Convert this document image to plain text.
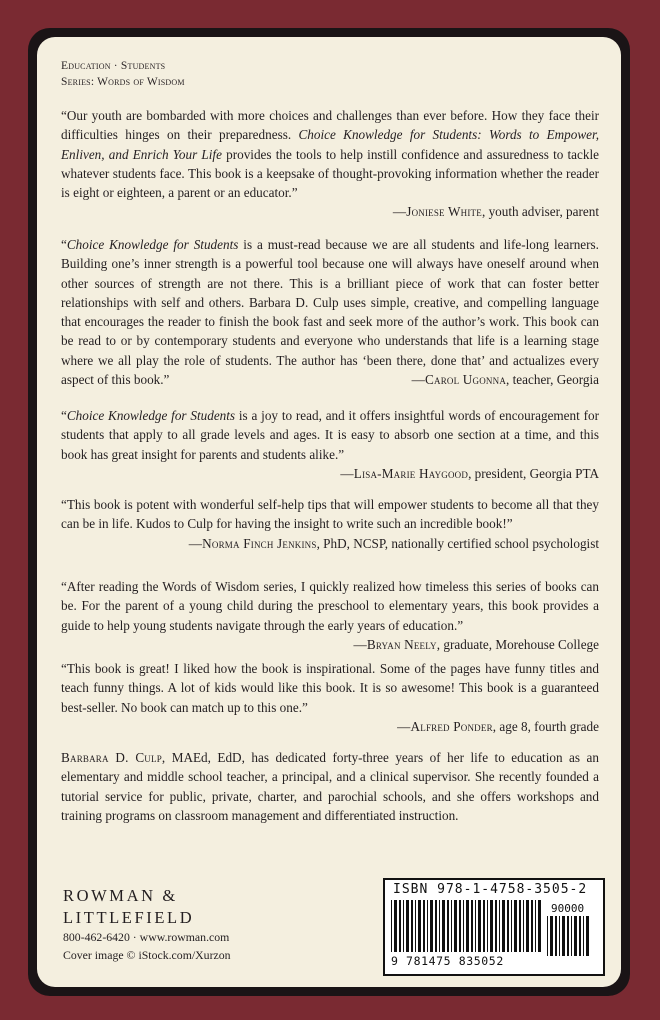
Education · Students
Series: Words of Wisdom
“Our youth are bombarded with more choices and challenges than ever before. How they face their difficulties hinges on their preparedness. Choice Knowledge for Students: Words to Empower, Enliven, and Enrich Your Life provides the tools to help instill confidence and assuredness to tackle whatever students face. This book is a keepsake of thought-provoking information whether the reader is eight or eighteen, a parent or an educator.”
—Joniese White, youth adviser, parent
“Choice Knowledge for Students is a must-read because we are all students and life-long learners. Building one’s inner strength is a powerful tool because one will always have oneself around when other sources of strength are not there. This is a brilliant piece of work that can foster better relationships with self and others. Barbara D. Culp uses simple, creative, and compelling language that encourages the reader to finish the book fast and seek more of the author’s work. This book can be read to or by contemporary students and everyone who understands that life is a learning stage where we all play the role of students. The author has ‘been there, done that’ and actualizes every aspect of this book.”	—Carol Ugonna, teacher, Georgia
“Choice Knowledge for Students is a joy to read, and it offers insightful words of encouragement for students that apply to all grade levels and ages. It is easy to absorb one section at a time, and this book has great insight for parents and students alike.”
—Lisa-Marie Haygood, president, Georgia PTA
“This book is potent with wonderful self-help tips that will empower students to become all that they can be in life. Kudos to Culp for having the insight to write such an incredible book!”
—Norma Finch Jenkins, PhD, NCSP, nationally certified school psychologist
“After reading the Words of Wisdom series, I quickly realized how timeless this series of books can be. For the parent of a young child during the preschool to elementary years, this book provides a guide to help young students navigate through the early years of education.”
—Bryan Neely, graduate, Morehouse College
“This book is great! I liked how the book is inspirational. Some of the pages have funny titles and teach funny things. A lot of kids would like this book. It is so awesome! This book is a guaranteed best-seller. No book can match up to this one.”
—Alfred Ponder, age 8, fourth grade
Barbara D. Culp, MAEd, EdD, has dedicated forty-three years of her life to education as an elementary and middle school teacher, a principal, and a clinical supervisor. She recently founded a tutorial service for public, private, charter, and parochial schools, and she offers workshops and training programs on classroom management and differentiated instruction.
ROWMAN &
LITTLEFIELD
800-462-6420 · www.rowman.com
Cover image © iStock.com/Xurzon
ISBN 978-1-4758-3505-2
90000
9 781475 835052
